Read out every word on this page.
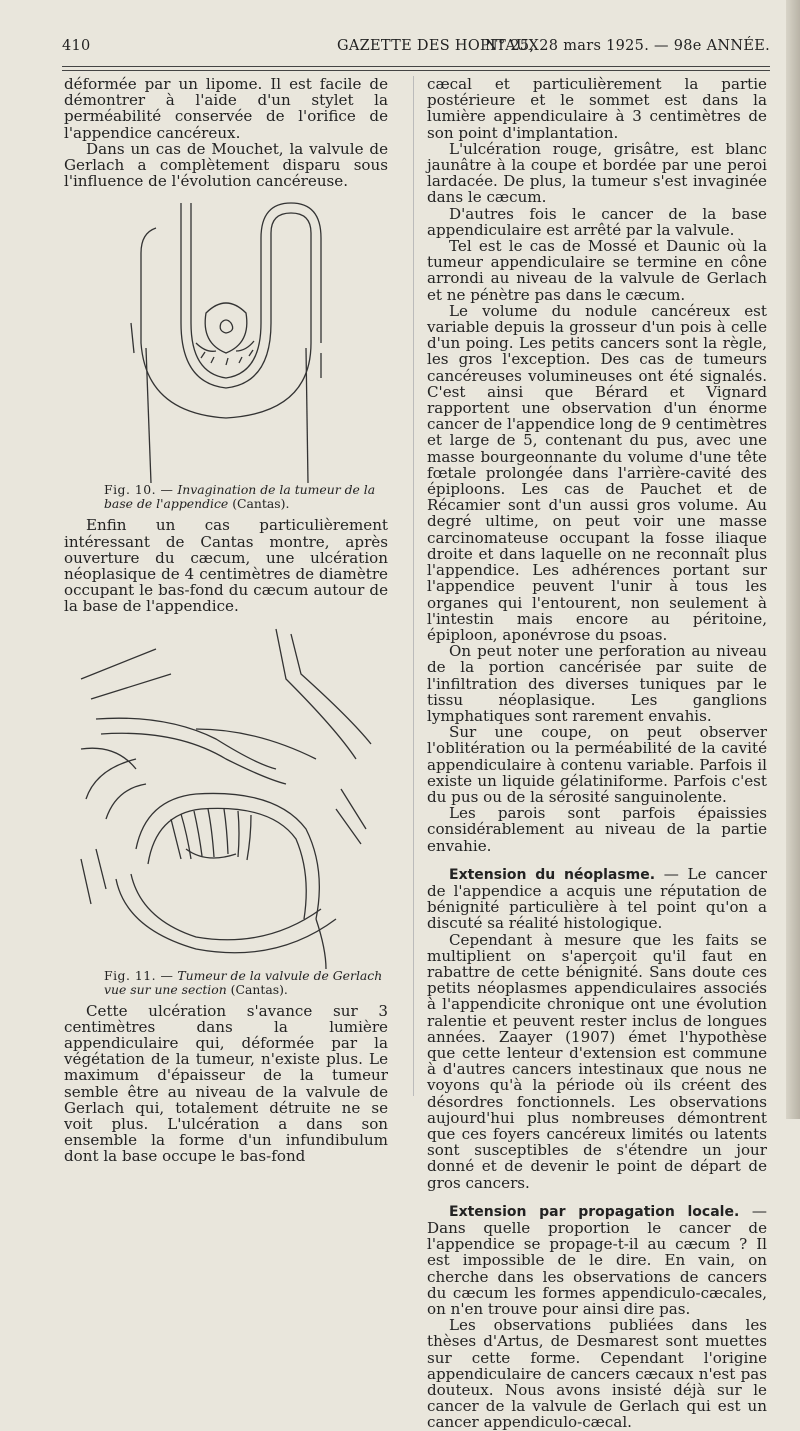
410	GAZETTE DES HOPITAUX
N° 25, 28 mars 1925. — 98e ANNÉE.

déformée par un lipome. Il est facile de démontrer à l'aide d'un stylet la perméabilité conservée de l'orifice de l'appendice cancéreux.

Dans un cas de Mouchet, la valvule de Gerlach a complètement disparu sous l'influence de l'évolution cancéreuse.

Fig. 10. — Invagination de la tumeur de la base de l'appendice (Cantas).

Enfin un cas particulièrement intéressant de Cantas montre, après ouverture du cæcum, une ulcération néoplasique de 4 centimètres de diamètre occupant le bas-fond du cæcum autour de la base de l'appendice.

Fig. 11. — Tumeur de la valvule de Gerlach vue sur une section (Cantas).

Cette ulcération s'avance sur 3 centimètres dans la lumière appendiculaire qui, déformée par la végétation de la tumeur, n'existe plus. Le maximum d'épaisseur de la tumeur semble être au niveau de la valvule de Gerlach qui, totalement détruite ne se voit plus. L'ulcération a dans son ensemble la forme d'un infundibulum dont la base occupe le bas-fond

cæcal et particulièrement la partie postérieure et le sommet est dans la lumière appendiculaire à 3 centimètres de son point d'implantation.

L'ulcération rouge, grisâtre, est blanc jaunâtre à la coupe et bordée par une peroi lardacée. De plus, la tumeur s'est invaginée dans le cæcum.

D'autres fois le cancer de la base appendiculaire est arrêté par la valvule.

Tel est le cas de Mossé et Daunic où la tumeur appendiculaire se termine en cône arrondi au niveau de la valvule de Gerlach et ne pénètre pas dans le cæcum.

Le volume du nodule cancéreux est variable depuis la grosseur d'un pois à celle d'un poing. Les petits cancers sont la règle, les gros l'exception. Des cas de tumeurs cancéreuses volumineuses ont été signalés. C'est ainsi que Bérard et Vignard rapportent une observation d'un énorme cancer de l'appendice long de 9 centimètres et large de 5, contenant du pus, avec une masse bourgeonnante du volume d'une tête fœtale prolongée dans l'arrière-cavité des épiploons. Les cas de Pauchet et de Récamier sont d'un aussi gros volume. Au degré ultime, on peut voir une masse carcinomateuse occupant la fosse iliaque droite et dans laquelle on ne reconnaît plus l'appendice. Les adhérences portant sur l'appendice peuvent l'unir à tous les organes qui l'entourent, non seulement à l'intestin mais encore au péritoine, épiploon, aponévrose du psoas.

On peut noter une perforation au niveau de la portion cancérisée par suite de l'infiltration des diverses tuniques par le tissu néoplasique. Les ganglions lymphatiques sont rarement envahis.

Sur une coupe, on peut observer l'oblitération ou la perméabilité de la cavité appendiculaire à contenu variable. Parfois il existe un liquide gélatiniforme. Parfois c'est du pus ou de la sérosité sanguinolente.

Les parois sont parfois épaissies considérablement au niveau de la partie envahie.

Extension du néoplasme. — Le cancer de l'appendice a acquis une réputation de bénignité particulière à tel point qu'on a discuté sa réalité histologique.

Cependant à mesure que les faits se multiplient on s'aperçoit qu'il faut en rabattre de cette bénignité. Sans doute ces petits néoplasmes appendiculaires associés à l'appendicite chronique ont une évolution ralentie et peuvent rester inclus de longues années. Zaayer (1907) émet l'hypothèse que cette lenteur d'extension est commune à d'autres cancers intestinaux que nous ne voyons qu'à la période où ils créent des désordres fonctionnels. Les observations aujourd'hui plus nombreuses démontrent que ces foyers cancéreux limités ou latents sont susceptibles de s'étendre un jour donné et de devenir le point de départ de gros cancers.

Extension par propagation locale. — Dans quelle proportion le cancer de l'appendice se propage-t-il au cæcum ? Il est impossible de le dire. En vain, on cherche dans les observations de cancers du cæcum les formes appendiculo-cæcales, on n'en trouve pour ainsi dire pas.

Les observations publiées dans les thèses d'Artus, de Desmarest sont muettes sur cette forme. Cependant l'origine appendiculaire de cancers cæcaux n'est pas douteux. Nous avons insisté déjà sur le cancer de la valvule de Gerlach qui est un cancer appendiculo-cæcal.
